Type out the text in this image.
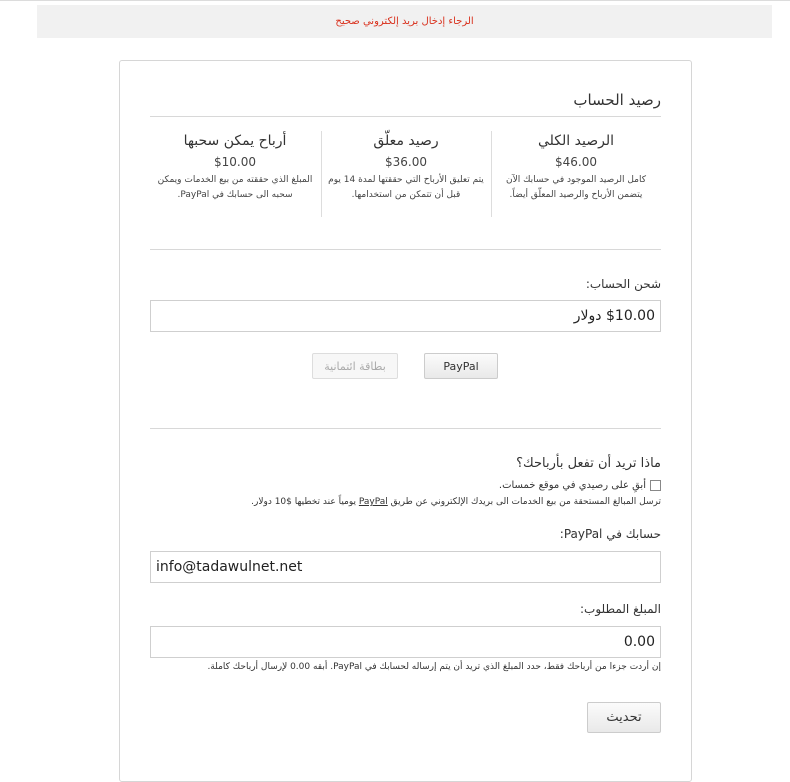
الرجاء إدخال بريد إلكتروني صحيح
رصيد الحساب
الرصيد الكلي
$46.00
كامل الرصيد الموجود في حسابك الآن يتضمن الأرباح والرصيد المعلّق أيضاً.
رصيد معلّق
$36.00
يتم تعليق الأرباح التي حققتها لمدة 14 يوم قبل أن تتمكن من استخدامها.
أرباح يمكن سحبها
$10.00
المبلغ الذي حققته من بيع الخدمات ويمكن سحبه الى حسابك في PayPal.
شحن الحساب:
$10.00 دولار
PayPal
بطاقة ائتمانية
ماذا تريد أن تفعل بأرباحك؟
أبقِ على رصيدي في موقع خمسات.
ترسل المبالغ المستحقة من بيع الخدمات الى بريدك الإلكتروني عن طريق PayPal يومياً عند تخطيها $10 دولار.
حسابك في PayPal:
info@tadawulnet.net
المبلغ المطلوب:
0.00
إن أردت جزءا من أرباحك فقط، حدد المبلغ الذي تريد أن يتم إرساله لحسابك في PayPal. أبقه 0.00 لإرسال أرباحك كاملة.
تحديث
